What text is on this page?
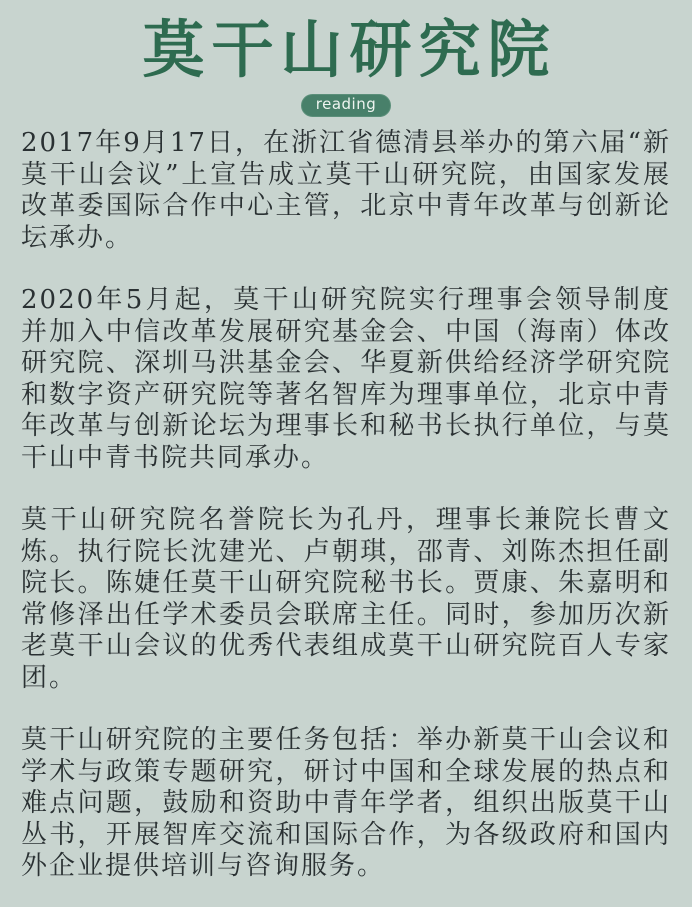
莫干山研究院
reading

2017年9月17日，在浙江省德清县举办的第六届“新莫干山会议”上宣告成立莫干山研究院，由国家发展改革委国际合作中心主管，北京中青年改革与创新论坛承办。

2020年5月起，莫干山研究院实行理事会领导制度并加入中信改革发展研究基金会、中国（海南）体改研究院、深圳马洪基金会、华夏新供给经济学研究院和数字资产研究院等著名智库为理事单位，北京中青年改革与创新论坛为理事长和秘书长执行单位，与莫干山中青书院共同承办。

莫干山研究院名誉院长为孔丹，理事长兼院长曹文炼。执行院长沈建光、卢朝琪，邵青、刘陈杰担任副院长。陈婕任莫干山研究院秘书长。贾康、朱嘉明和常修泽出任学术委员会联席主任。同时，参加历次新老莫干山会议的优秀代表组成莫干山研究院百人专家团。

莫干山研究院的主要任务包括：举办新莫干山会议和学术与政策专题研究，研讨中国和全球发展的热点和难点问题，鼓励和资助中青年学者，组织出版莫干山丛书，开展智库交流和国际合作，为各级政府和国内外企业提供培训与咨询服务。
